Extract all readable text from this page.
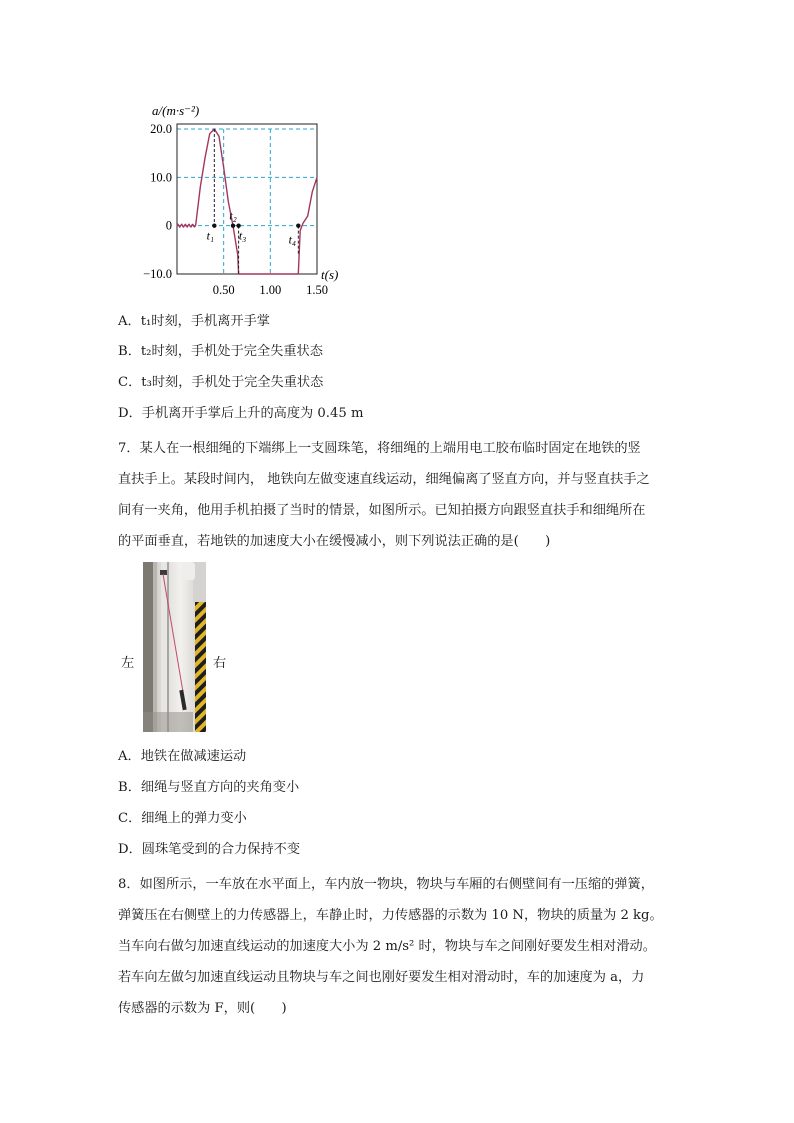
20.0
10.0
0
−10.0
0.50 1.00 1.50
t₁
t₂
t₃	t₄
a/(m·s⁻²)
t(s)
A．t₁时刻，手机离开手掌
B．t₂时刻，手机处于完全失重状态
C．t₃时刻，手机处于完全失重状态
D．手机离开手掌后上升的高度为 0.45 m
7．某人在一根细绳的下端绑上一支圆珠笔，将细绳的上端用电工胶布临时固定在地铁的竖
直扶手上。某段时间内， 地铁向左做变速直线运动，细绳偏离了竖直方向，并与竖直扶手之
间有一夹角，他用手机拍摄了当时的情景，如图所示。已知拍摄方向跟竖直扶手和细绳所在
的平面垂直，若地铁的加速度大小在缓慢减小，则下列说法正确的是(　　)
左	右
A．地铁在做减速运动
B．细绳与竖直方向的夹角变小
C．细绳上的弹力变小
D．圆珠笔受到的合力保持不变
8．如图所示，一车放在水平面上，车内放一物块，物块与车厢的右侧壁间有一压缩的弹簧，
弹簧压在右侧壁上的力传感器上，车静止时，力传感器的示数为 10 N，物块的质量为 2 kg。
当车向右做匀加速直线运动的加速度大小为 2 m/s² 时，物块与车之间刚好要发生相对滑动。
若车向左做匀加速直线运动且物块与车之间也刚好要发生相对滑动时，车的加速度为 a，力
传感器的示数为 F，则(　　)
